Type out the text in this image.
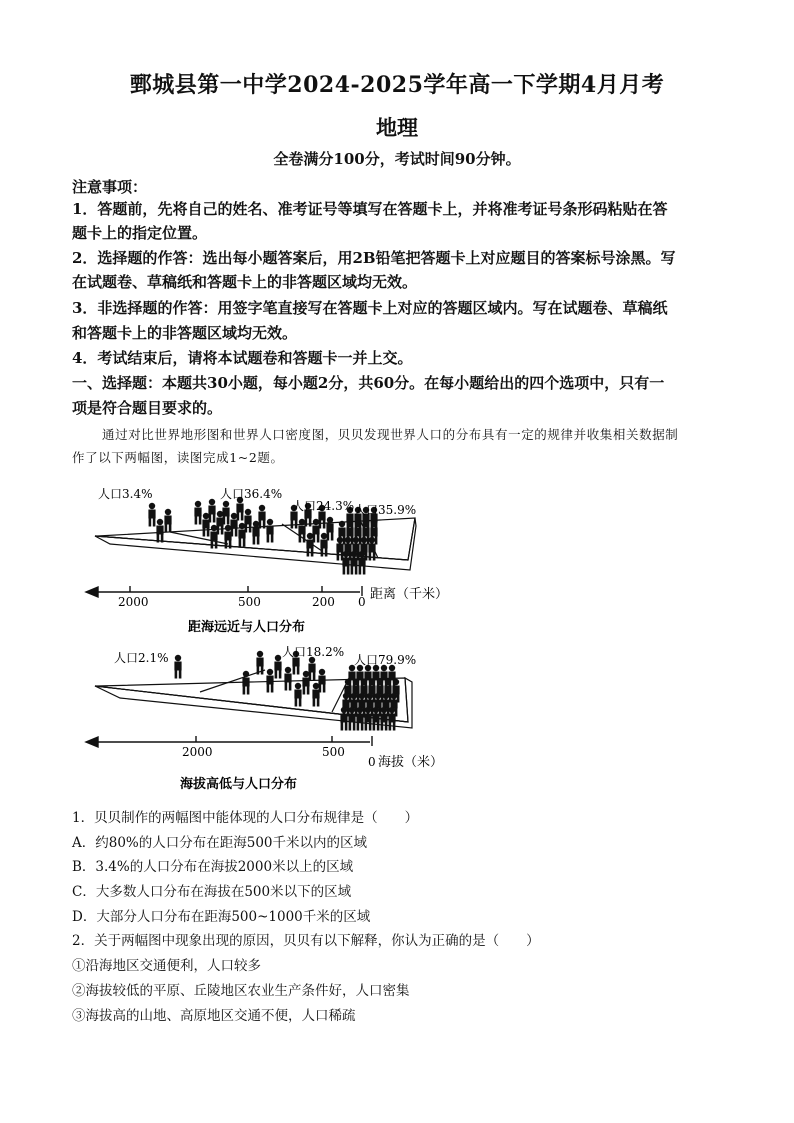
鄄城县第一中学2024-2025学年高一下学期4月月考
地理
全卷满分100分，考试时间90分钟。
注意事项：
1．答题前，先将自己的姓名、准考证号等填写在答题卡上，并将准考证号条形码粘贴在答
题卡上的指定位置。
2．选择题的作答：选出每小题答案后，用2B铅笔把答题卡上对应题目的答案标号涂黑。写
在试题卷、草稿纸和答题卡上的非答题区域均无效。
3．非选择题的作答：用签字笔直接写在答题卡上对应的答题区域内。写在试题卷、草稿纸
和答题卡上的非答题区域均无效。
4．考试结束后，请将本试题卷和答题卡一并上交。
一、选择题：本题共30小题，每小题2分，共60分。在每小题给出的四个选项中，只有一
项是符合题目要求的。
通过对比世界地形图和世界人口密度图，贝贝发现世界人口的分布具有一定的规律并收集相关数据制
作了以下两幅图，读图完成1~2题。
人口3.4%	人口36.4%
人口24.3% 人口35.9%
2000	500	200 0 距离（千米）
距海远近与人口分布
人口2.1%	人口18.2%
人口79.9%
2000	500
0 海拔（米）
海拔高低与人口分布
1．贝贝制作的两幅图中能体现的人口分布规律是（　　）
A．约80%的人口分布在距海500千米以内的区域
B．3.4%的人口分布在海拔2000米以上的区域
C．大多数人口分布在海拔在500米以下的区域
D．大部分人口分布在距海500~1000千米的区域
2．关于两幅图中现象出现的原因，贝贝有以下解释，你认为正确的是（　　）
①沿海地区交通便利，人口较多
②海拔较低的平原、丘陵地区农业生产条件好，人口密集
③海拔高的山地、高原地区交通不便，人口稀疏
